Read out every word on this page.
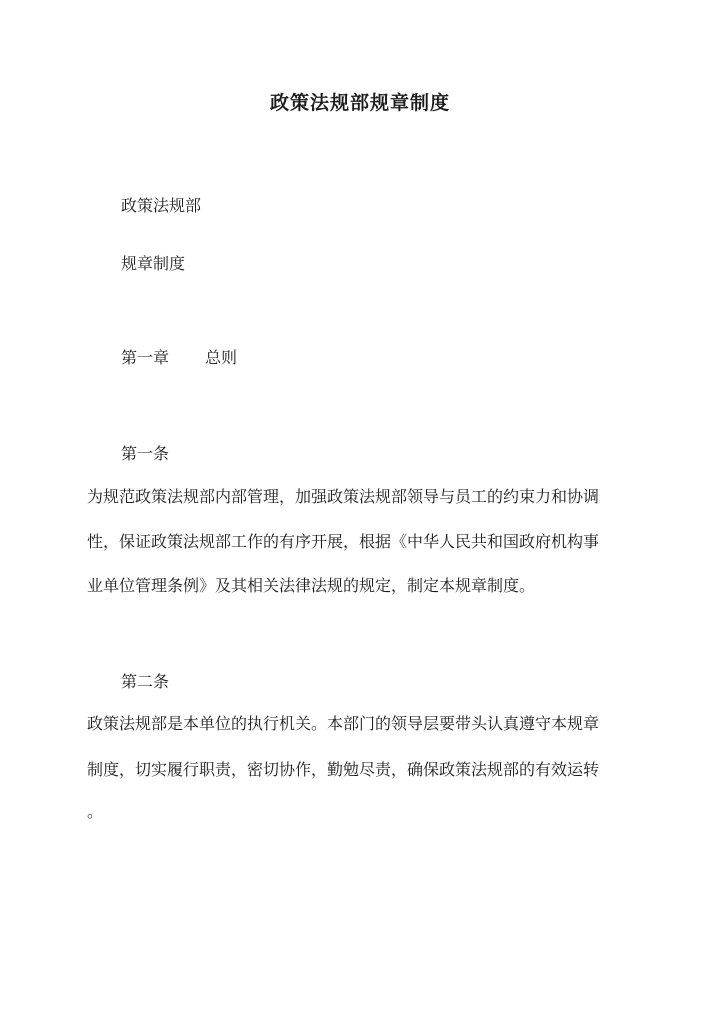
政策法规部规章制度

政策法规部

规章制度

第一章 总则

第一条

为规范政策法规部内部管理，加强政策法规部领导与员工的约束力和协调

性，保证政策法规部工作的有序开展，根据《中华人民共和国政府机构事

业单位管理条例》及其相关法律法规的规定，制定本规章制度。

第二条

政策法规部是本单位的执行机关。本部门的领导层要带头认真遵守本规章

制度，切实履行职责，密切协作，勤勉尽责，确保政策法规部的有效运转

。
